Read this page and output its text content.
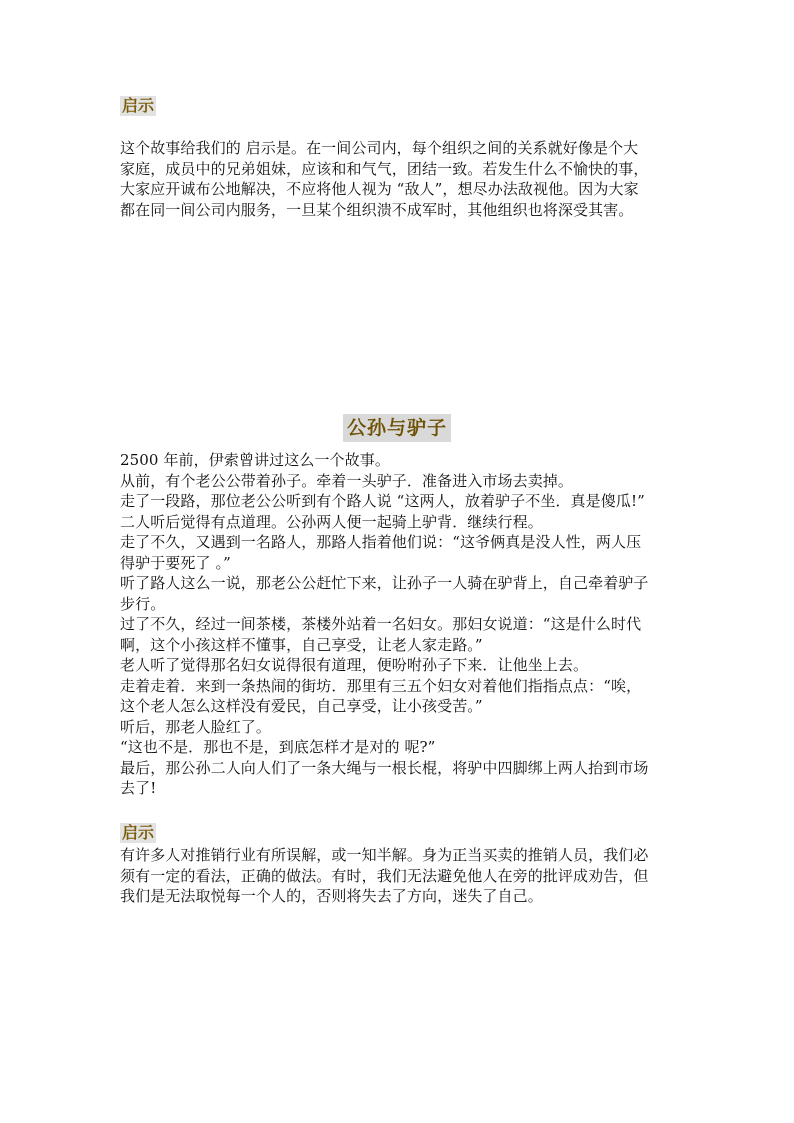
启示

这个故事给我们的 启示是。在一间公司内，每个组织之间的关系就好像是个大
家庭，成员中的兄弟姐妹，应该和和气气，团结一致。若发生什么不愉快的事，
大家应开诚布公地解决，不应将他人视为 “敌人”，想尽办法敌视他。因为大家
都在同一间公司内服务，一旦某个组织溃不成军时，其他组织也将深受其害。

公孙与驴子

2500 年前，伊索曾讲过这么一个故事。
从前，有个老公公带着孙子。牵着一头驴子．准备进入市场去卖掉。
走了一段路，那位老公公听到有个路人说 “这两人，放着驴子不坐．真是傻瓜!”
二人听后觉得有点道理。公孙两人便一起骑上驴背．继续行程。
走了不久，又遇到一名路人，那路人指着他们说：“这爷俩真是没人性，两人压
得驴于要死了 。”
听了路人这么一说，那老公公赶忙下来，让孙子一人骑在驴背上，自己牵着驴子
步行。
过了不久，经过一间茶楼，茶楼外站着一名妇女。那妇女说道：“这是什么时代
啊，这个小孩这样不懂事，自己享受，让老人家走路。”
老人听了觉得那名妇女说得很有道理，便吩咐孙子下来．让他坐上去。
走着走着．来到一条热闹的街坊．那里有三五个妇女对着他们指指点点：“唉，
这个老人怎么这样没有爱民，自己享受，让小孩受苦。”
听后，那老人脸红了。
“这也不是．那也不是，到底怎样才是对的 呢?”
最后，那公孙二人向人们了一条大绳与一根长棍，将驴中四脚绑上两人抬到市场
去了!

启示

有许多人对推销行业有所误解，或一知半解。身为正当买卖的推销人员，我们必
须有一定的看法，正确的做法。有时，我们无法避免他人在旁的批评成劝告，但
我们是无法取悦每一个人的，否则将失去了方向，迷失了自己。
